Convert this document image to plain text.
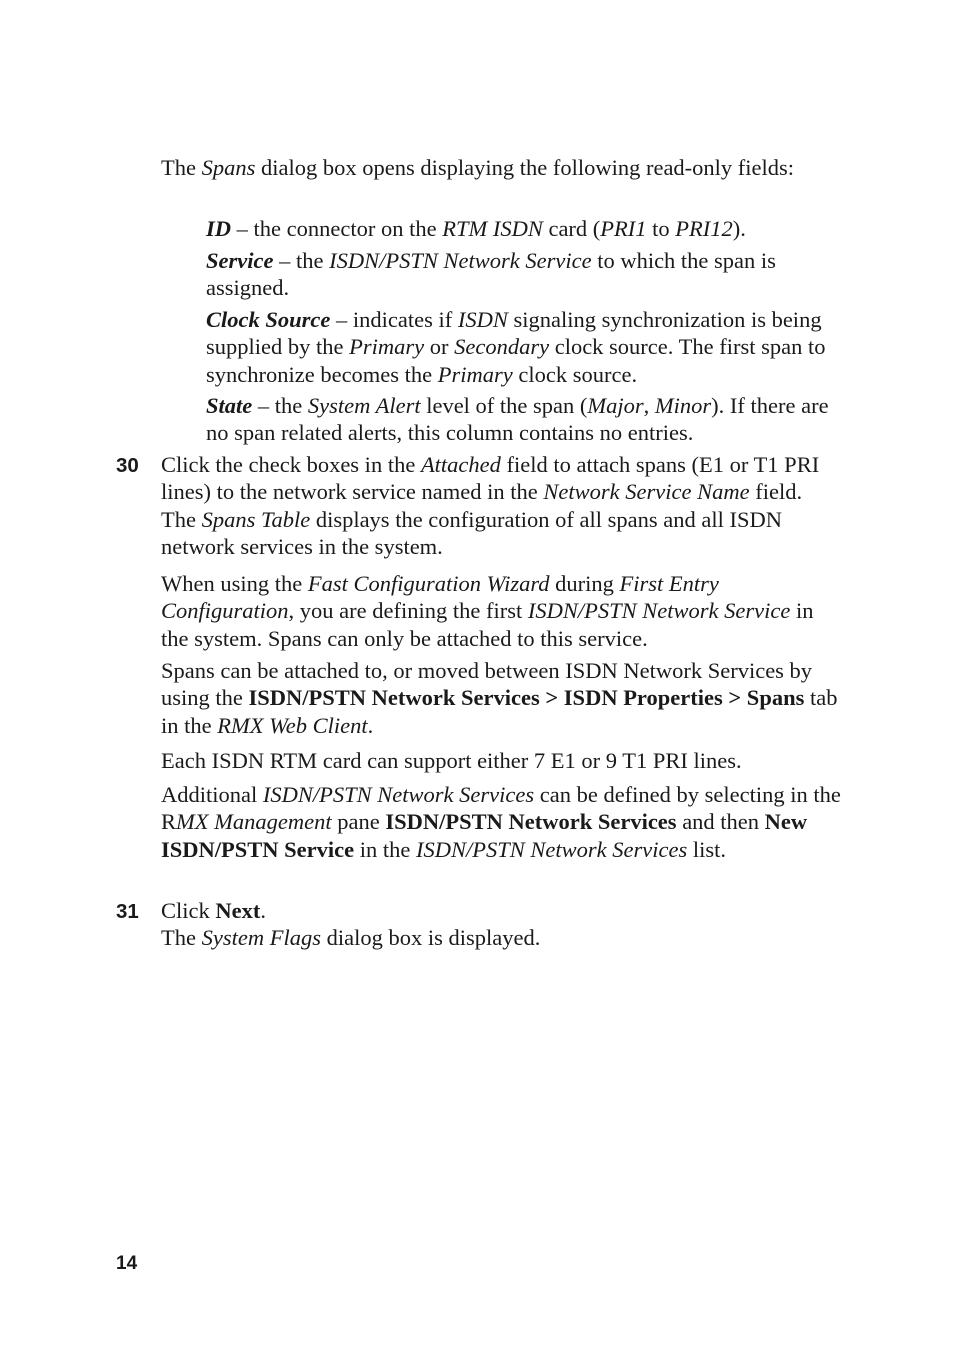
The Spans dialog box opens displaying the following read-only fields:

ID – the connector on the RTM ISDN card (PRI1 to PRI12).

Service – the ISDN/PSTN Network Service to which the span is assigned.

Clock Source – indicates if ISDN signaling synchronization is being supplied by the Primary or Secondary clock source. The first span to synchronize becomes the Primary clock source.

State – the System Alert level of the span (Major, Minor). If there are no span related alerts, this column contains no entries.

30 Click the check boxes in the Attached field to attach spans (E1 or T1 PRI lines) to the network service named in the Network Service Name field. The Spans Table displays the configuration of all spans and all ISDN network services in the system.

When using the Fast Configuration Wizard during First Entry Configuration, you are defining the first ISDN/PSTN Network Service in the system. Spans can only be attached to this service.

Spans can be attached to, or moved between ISDN Network Services by using the ISDN/PSTN Network Services > ISDN Properties > Spans tab in the RMX Web Client.

Each ISDN RTM card can support either 7 E1 or 9 T1 PRI lines.

Additional ISDN/PSTN Network Services can be defined by selecting in the RMX Management pane ISDN/PSTN Network Services and then New ISDN/PSTN Service in the ISDN/PSTN Network Services list.

31 Click Next.
The System Flags dialog box is displayed.

14
